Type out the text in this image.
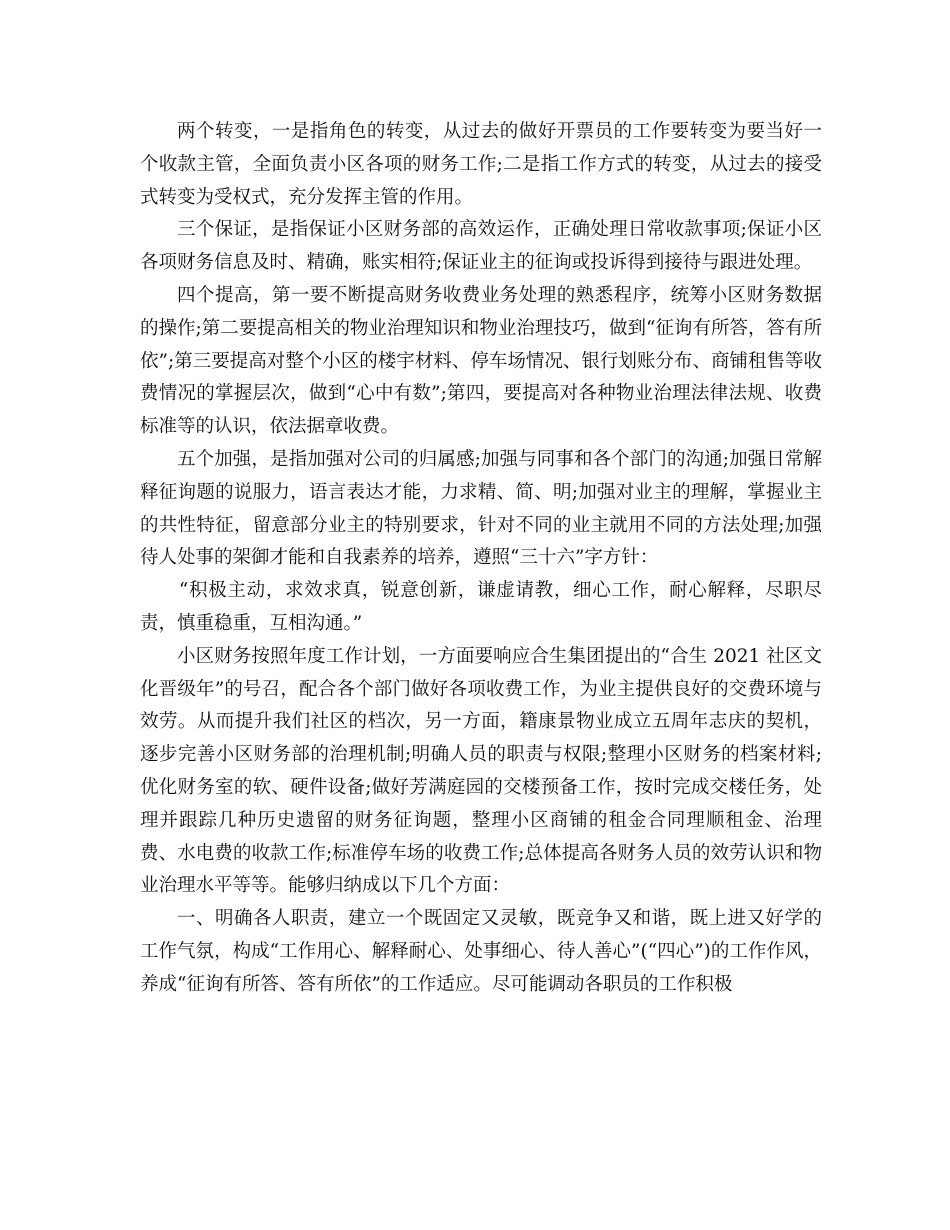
两个转变，一是指角色的转变，从过去的做好开票员的工作要转变为要当好一个收款主管，全面负责小区各项的财务工作;二是指工作方式的转变，从过去的接受式转变为受权式，充分发挥主管的作用。

三个保证，是指保证小区财务部的高效运作，正确处理日常收款事项;保证小区各项财务信息及时、精确，账实相符;保证业主的征询或投诉得到接待与跟进处理。

四个提高，第一要不断提高财务收费业务处理的熟悉程序，统筹小区财务数据的操作;第二要提高相关的物业治理知识和物业治理技巧，做到“征询有所答，答有所依”;第三要提高对整个小区的楼宇材料、停车场情况、银行划账分布、商铺租售等收费情况的掌握层次，做到“心中有数”;第四，要提高对各种物业治理法律法规、收费标准等的认识，依法据章收费。

五个加强，是指加强对公司的归属感;加强与同事和各个部门的沟通;加强日常解释征询题的说服力，语言表达才能，力求精、简、明;加强对业主的理解，掌握业主的共性特征，留意部分业主的特别要求，针对不同的业主就用不同的方法处理;加强待人处事的架御才能和自我素养的培养，遵照“三十六”字方针：

“积极主动，求效求真，锐意创新，谦虚请教，细心工作，耐心解释，尽职尽责，慎重稳重，互相沟通。”

小区财务按照年度工作计划，一方面要响应合生集团提出的“合生 2021 社区文化晋级年”的号召，配合各个部门做好各项收费工作，为业主提供良好的交费环境与效劳。从而提升我们社区的档次，另一方面，籍康景物业成立五周年志庆的契机，逐步完善小区财务部的治理机制;明确人员的职责与权限;整理小区财务的档案材料;优化财务室的软、硬件设备;做好芳满庭园的交楼预备工作，按时完成交楼任务，处理并跟踪几种历史遗留的财务征询题，整理小区商铺的租金合同理顺租金、治理费、水电费的收款工作;标准停车场的收费工作;总体提高各财务人员的效劳认识和物业治理水平等等。能够归纳成以下几个方面：

一、明确各人职责，建立一个既固定又灵敏，既竞争又和谐，既上进又好学的工作气氛，构成“工作用心、解释耐心、处事细心、待人善心”(“四心”)的工作作风，养成“征询有所答、答有所依”的工作适应。尽可能调动各职员的工作积极
